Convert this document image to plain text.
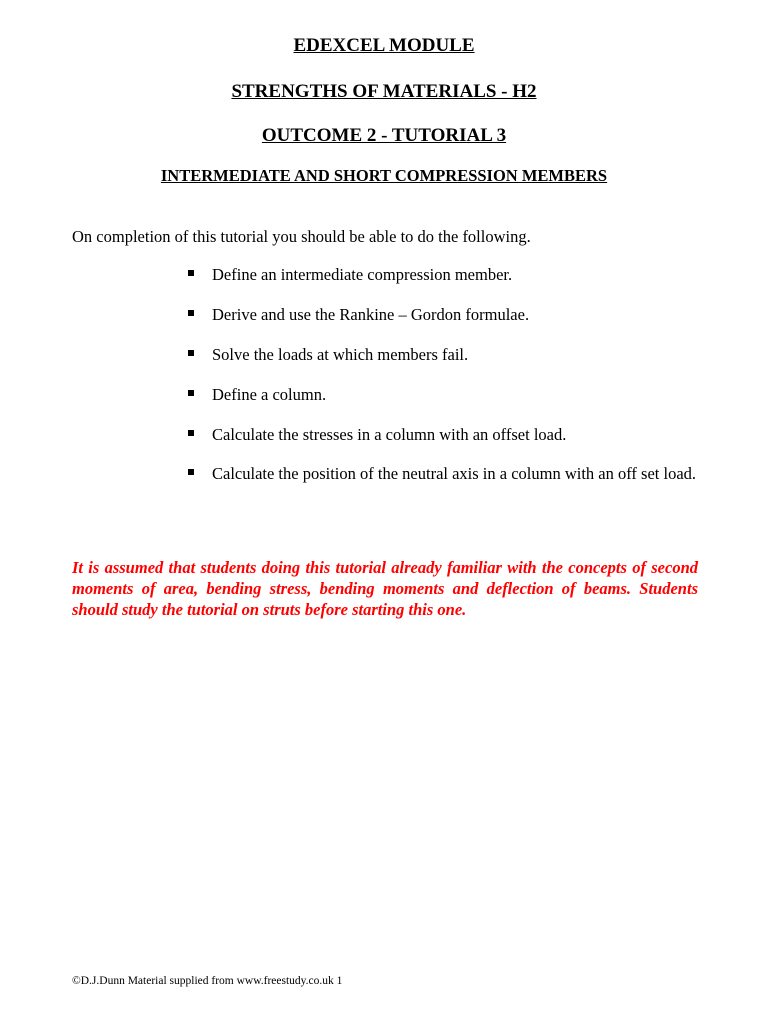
EDEXCEL MODULE
STRENGTHS OF MATERIALS - H2
OUTCOME 2 - TUTORIAL 3
INTERMEDIATE AND SHORT COMPRESSION MEMBERS
On completion of this tutorial you should be able to do the following.
Define an intermediate compression member.
Derive and use the Rankine – Gordon formulae.
Solve the loads at which members fail.
Define a column.
Calculate the stresses in a column with an offset load.
Calculate the position of the neutral axis in a column with an off set load.
It is assumed that students doing this tutorial already familiar with the concepts of second moments of area, bending stress, bending moments and deflection of beams. Students should study the tutorial on struts before starting this one.
©D.J.Dunn Material supplied from www.freestudy.co.uk 1
